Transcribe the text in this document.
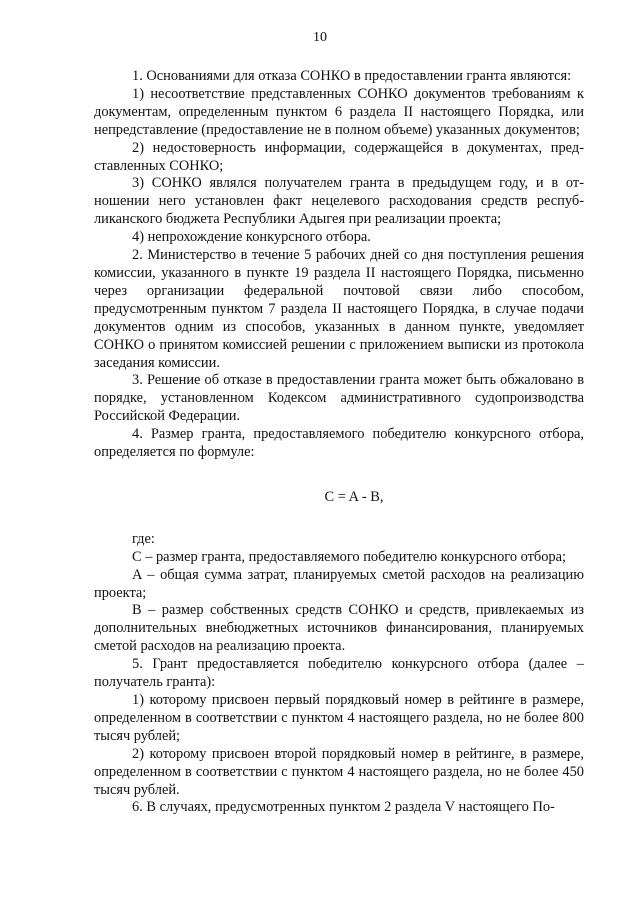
10

1. Основаниями для отказа СОНКО в предоставлении гранта являются:

1) несоответствие представленных СОНКО документов требованиям к документам, определенным пунктом 6 раздела II настоящего Порядка, или непредставление (предоставление не в полном объеме) указанных документов;

2) недостоверность информации, содержащейся в документах, представленных СОНКО;

3) СОНКО являлся получателем гранта в предыдущем году, и в отношении него установлен факт нецелевого расходования средств республиканского бюджета Республики Адыгея при реализации проекта;

4) непрохождение конкурсного отбора.

2. Министерство в течение 5 рабочих дней со дня поступления решения комиссии, указанного в пункте 19 раздела II настоящего Порядка, письменно через организации федеральной почтовой связи либо способом, предусмотренным пунктом 7 раздела II настоящего Порядка, в случае подачи документов одним из способов, указанных в данном пункте, уведомляет СОНКО о принятом комиссией решении с приложением выписки из протокола заседания комиссии.

3. Решение об отказе в предоставлении гранта может быть обжаловано в порядке, установленном Кодексом административного судопроизводства Российской Федерации.

4. Размер гранта, предоставляемого победителю конкурсного отбора, определяется по формуле:

C = A - B,

где:

C – размер гранта, предоставляемого победителю конкурсного отбора;

A – общая сумма затрат, планируемых сметой расходов на реализацию проекта;

B – размер собственных средств СОНКО и средств, привлекаемых из дополнительных внебюджетных источников финансирования, планируемых сметой расходов на реализацию проекта.

5. Грант предоставляется победителю конкурсного отбора (далее – получатель гранта):

1) которому присвоен первый порядковый номер в рейтинге в размере, определенном в соответствии с пунктом 4 настоящего раздела, но не более 800 тысяч рублей;

2) которому присвоен второй порядковый номер в рейтинге, в размере, определенном в соответствии с пунктом 4 настоящего раздела, но не более 450 тысяч рублей.

6. В случаях, предусмотренных пунктом 2 раздела V настоящего По-
